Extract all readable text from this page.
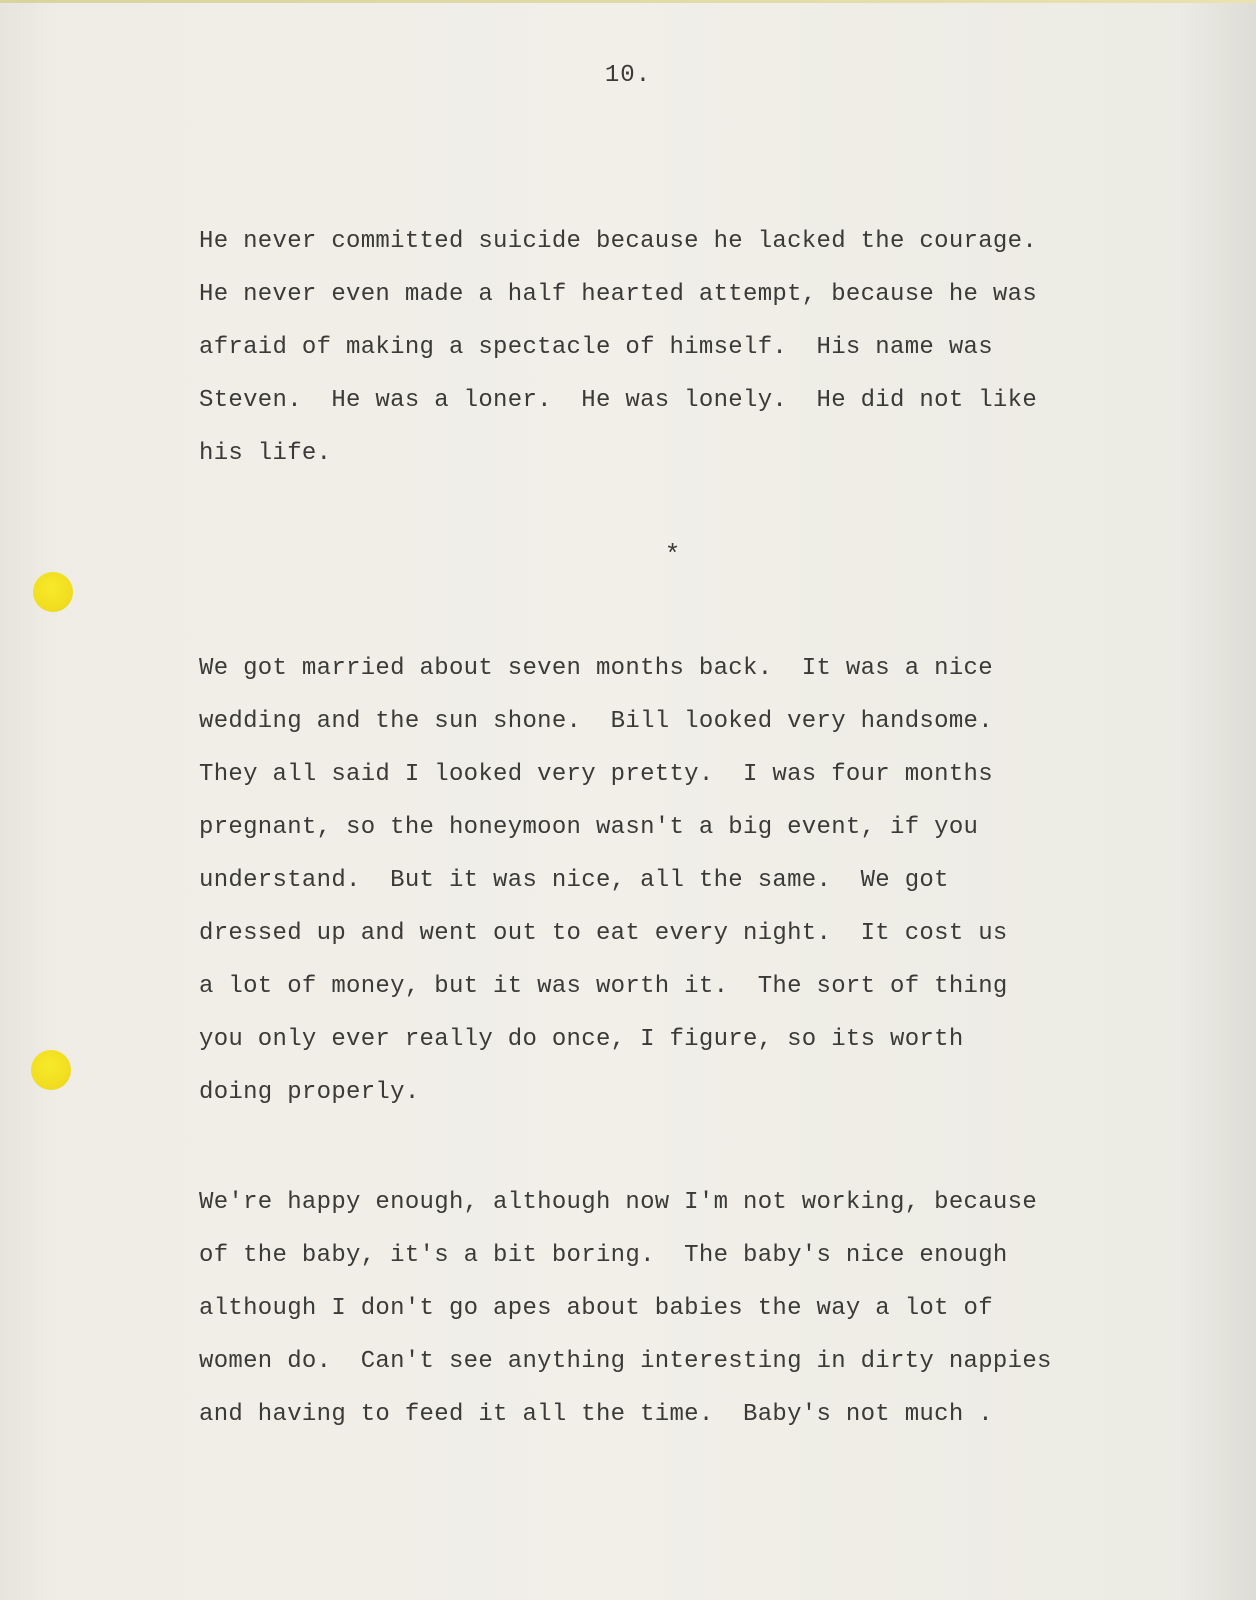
10.
He never committed suicide because he lacked the courage.
He never even made a half hearted attempt, because he was
afraid of making a spectacle of himself.  His name was
Steven.  He was a loner.  He was lonely.  He did not like
his life.
*
We got married about seven months back.  It was a nice
wedding and the sun shone.  Bill looked very handsome.
They all said I looked very pretty.  I was four months
pregnant, so the honeymoon wasn't a big event, if you
understand.  But it was nice, all the same.  We got
dressed up and went out to eat every night.  It cost us
a lot of money, but it was worth it.  The sort of thing
you only ever really do once, I figure, so its worth
doing properly.
We're happy enough, although now I'm not working, because
of the baby, it's a bit boring.  The baby's nice enough
although I don't go apes about babies the way a lot of
women do.  Can't see anything interesting in dirty nappies
and having to feed it all the time.  Baby's not much .
